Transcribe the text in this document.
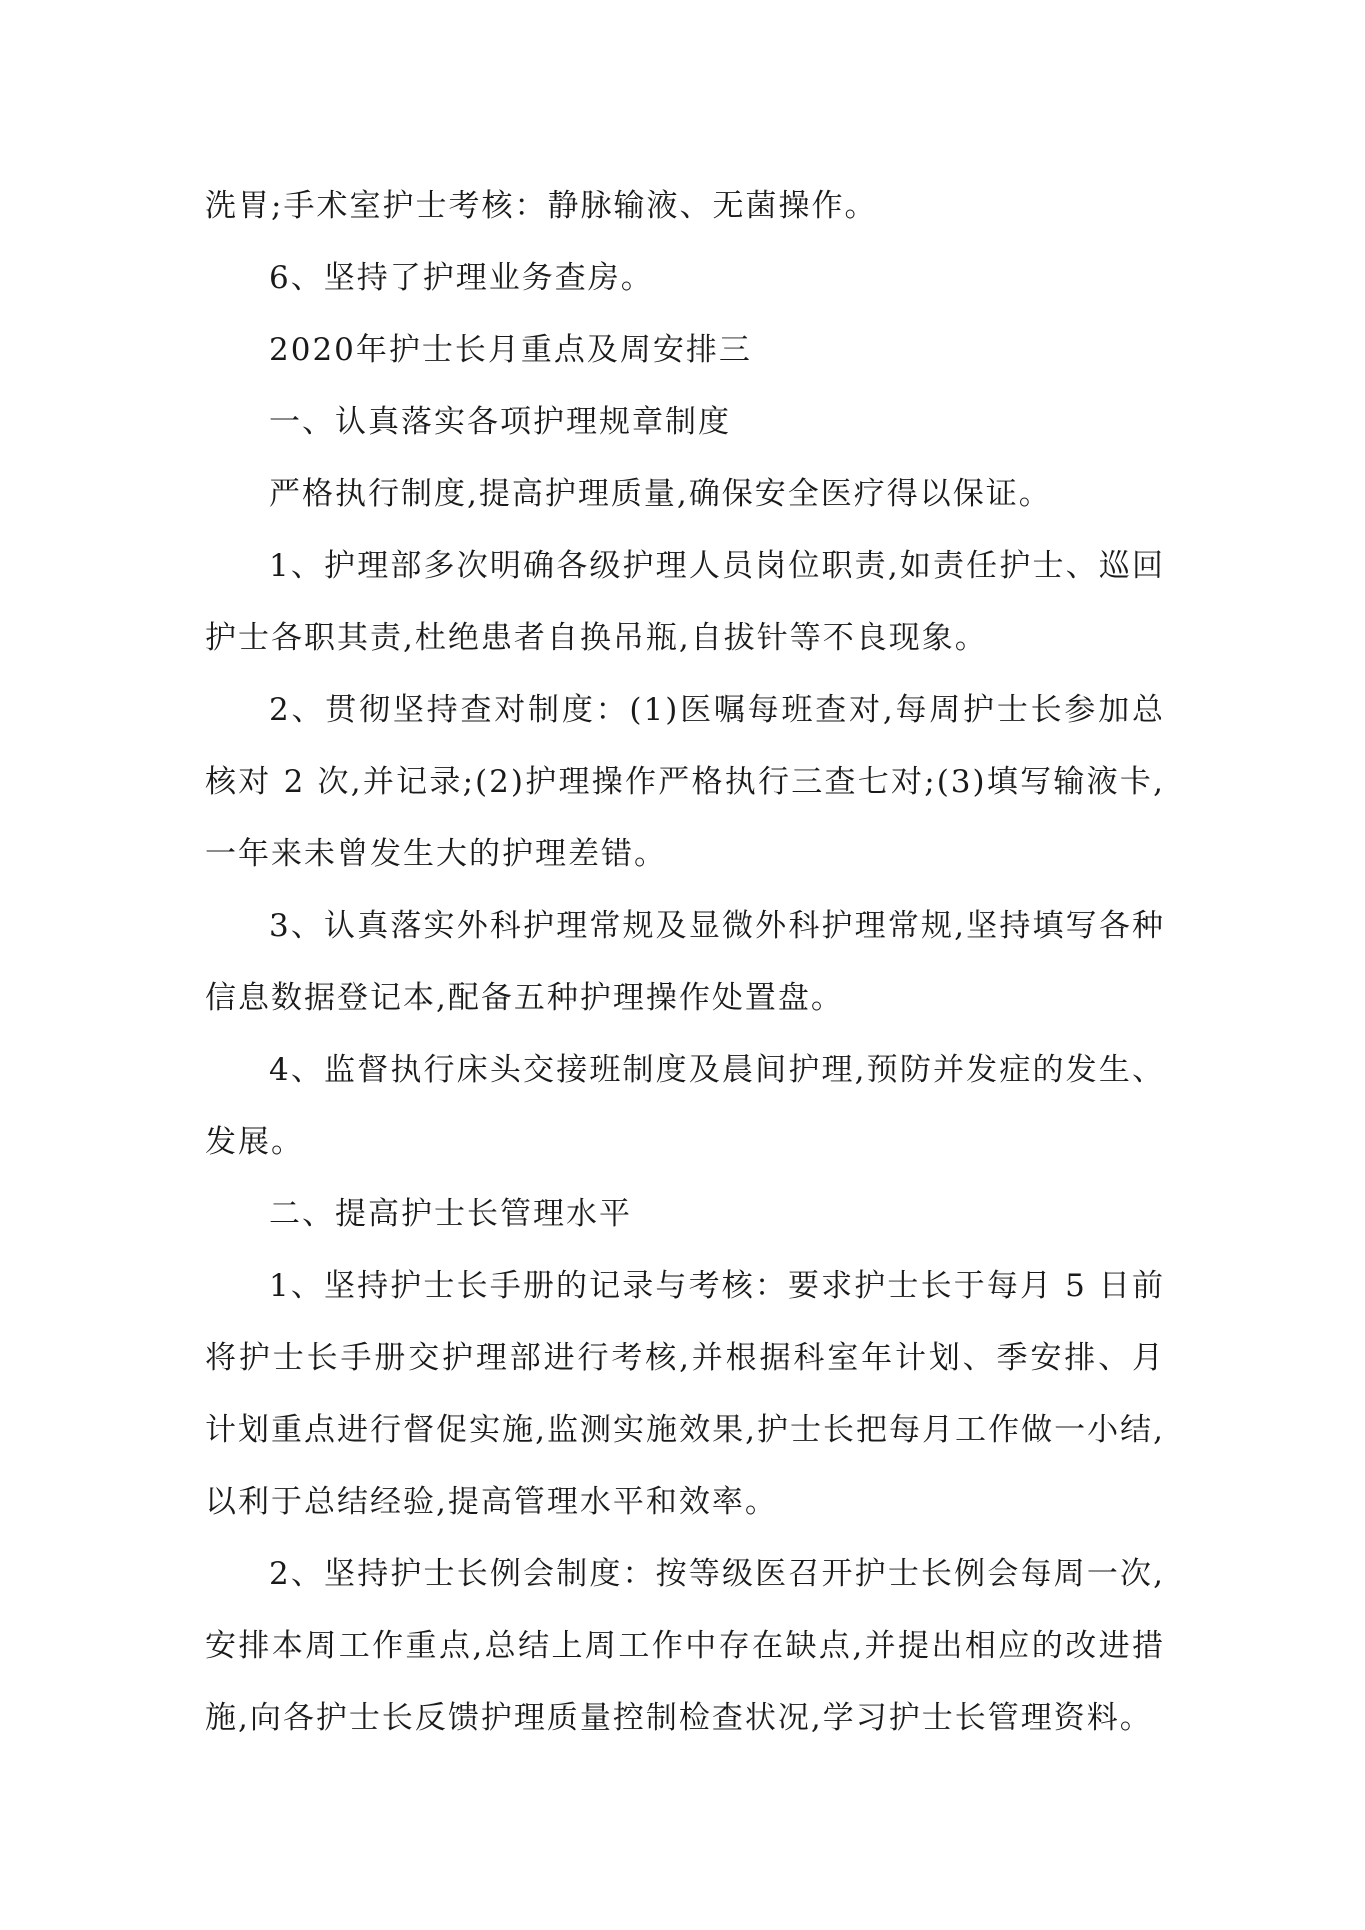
洗胃;手术室护士考核：静脉输液、无菌操作。

6、坚持了护理业务查房。

2020年护士长月重点及周安排三

一、认真落实各项护理规章制度

严格执行制度,提高护理质量,确保安全医疗得以保证。

1、护理部多次明确各级护理人员岗位职责,如责任护士、巡回护士各职其责,杜绝患者自换吊瓶,自拔针等不良现象。

2、贯彻坚持查对制度：(1)医嘱每班查对,每周护士长参加总核对 2 次,并记录;(2)护理操作严格执行三查七对;(3)填写输液卡,一年来未曾发生大的护理差错。

3、认真落实外科护理常规及显微外科护理常规,坚持填写各种信息数据登记本,配备五种护理操作处置盘。

4、监督执行床头交接班制度及晨间护理,预防并发症的发生、发展。

二、提高护士长管理水平

1、坚持护士长手册的记录与考核：要求护士长于每月 5 日前将护士长手册交护理部进行考核,并根据科室年计划、季安排、月计划重点进行督促实施,监测实施效果,护士长把每月工作做一小结,以利于总结经验,提高管理水平和效率。

2、坚持护士长例会制度：按等级医召开护士长例会每周一次,安排本周工作重点,总结上周工作中存在缺点,并提出相应的改进措施,向各护士长反馈护理质量控制检查状况,学习护士长管理资料。
